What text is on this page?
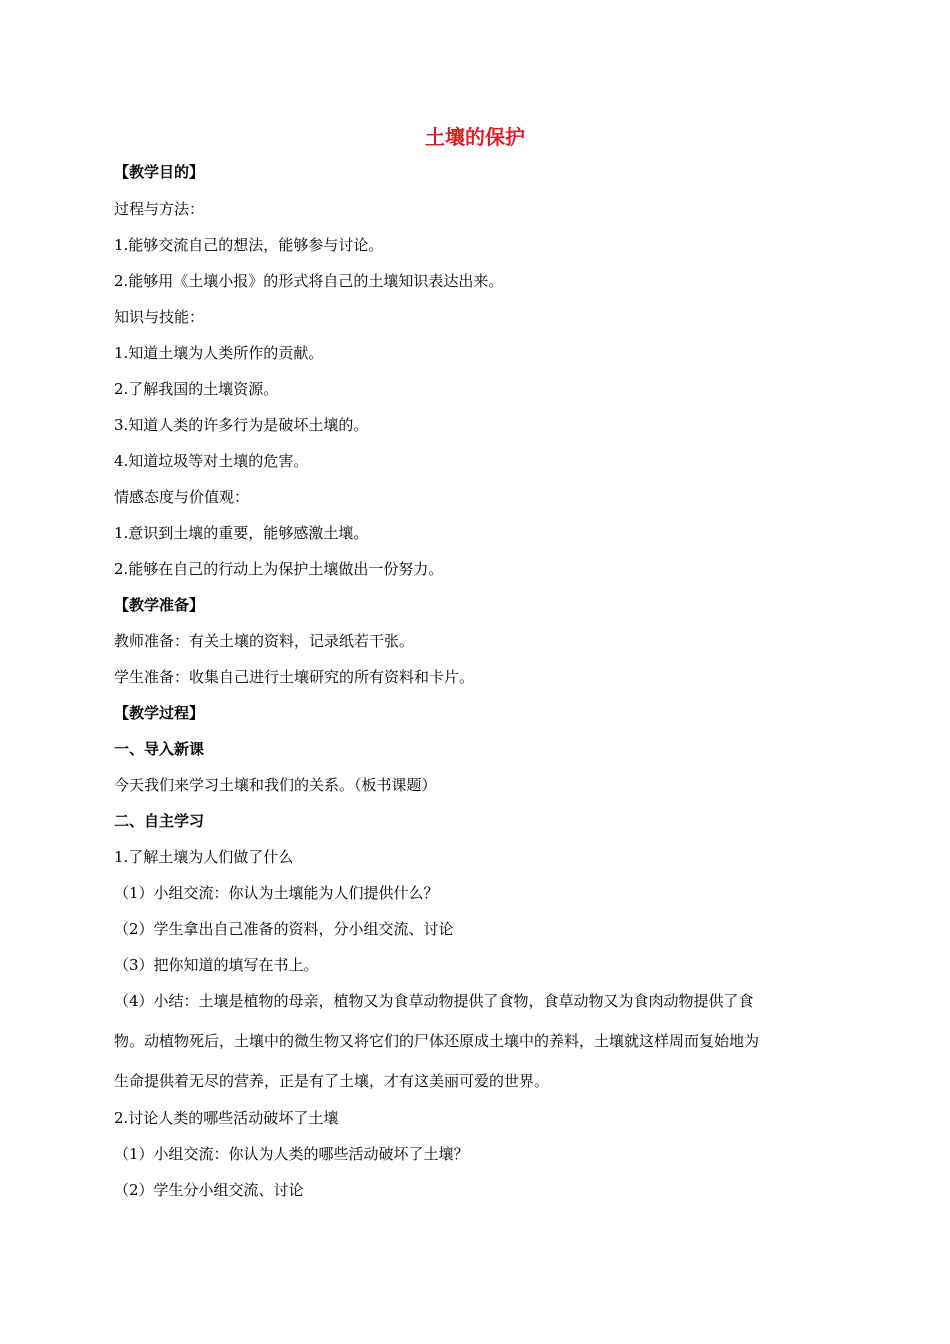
土壤的保护
【教学目的】
过程与方法：
1.能够交流自己的想法，能够参与讨论。
2.能够用《土壤小报》的形式将自己的土壤知识表达出来。
知识与技能：
1.知道土壤为人类所作的贡献。
2.了解我国的土壤资源。
3.知道人类的许多行为是破坏土壤的。
4.知道垃圾等对土壤的危害。
情感态度与价值观：
1.意识到土壤的重要，能够感激土壤。
2.能够在自己的行动上为保护土壤做出一份努力。
【教学准备】
教师准备：有关土壤的资料，记录纸若干张。
学生准备：收集自己进行土壤研究的所有资料和卡片。
【教学过程】
一、导入新课
今天我们来学习土壤和我们的关系。（板书课题）
二、自主学习
1.了解土壤为人们做了什么
（1）小组交流：你认为土壤能为人们提供什么？
（2）学生拿出自己准备的资料，分小组交流、讨论
（3）把你知道的填写在书上。
（4）小结：土壤是植物的母亲，植物又为食草动物提供了食物，食草动物又为食肉动物提供了食
物。动植物死后，土壤中的微生物又将它们的尸体还原成土壤中的养料，土壤就这样周而复始地为
生命提供着无尽的营养，正是有了土壤，才有这美丽可爱的世界。
2.讨论人类的哪些活动破坏了土壤
（1）小组交流：你认为人类的哪些活动破坏了土壤？
（2）学生分小组交流、讨论
